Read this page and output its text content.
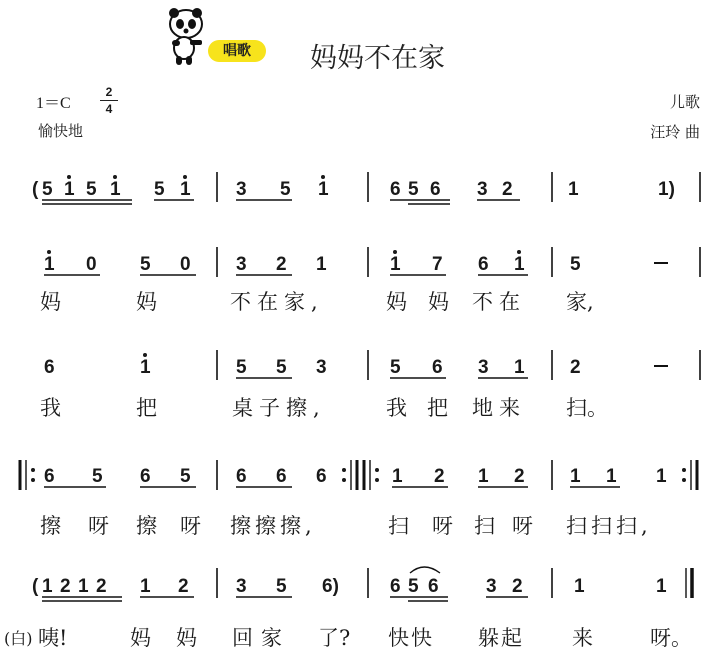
唱歌	妈妈不在家
1＝C
2
4
愉快地
儿歌
汪玲 曲
( 5 1 5 1 5 1 3 5 1	6 5 6 3 2	1	1)
1 0 5 0 3 2 1	1 7 6 1 5
6	1	5 5 3	5 6 3 1 2
6 5 6 5 6 6 6	1 2 1 2 1 1 1
( 1 2 1 2 1 2 3 5 6)	6 5 6 3 2	1	1
妈	妈	不在家,	妈 妈 不在 家,
我	把	桌子擦,	我把 地来 扫。
擦 呀 擦 呀 擦擦擦,	扫 呀 扫 呀 扫扫扫,
(白) 咦!	妈 妈 回家 了? 快快 躲起 来	呀。
